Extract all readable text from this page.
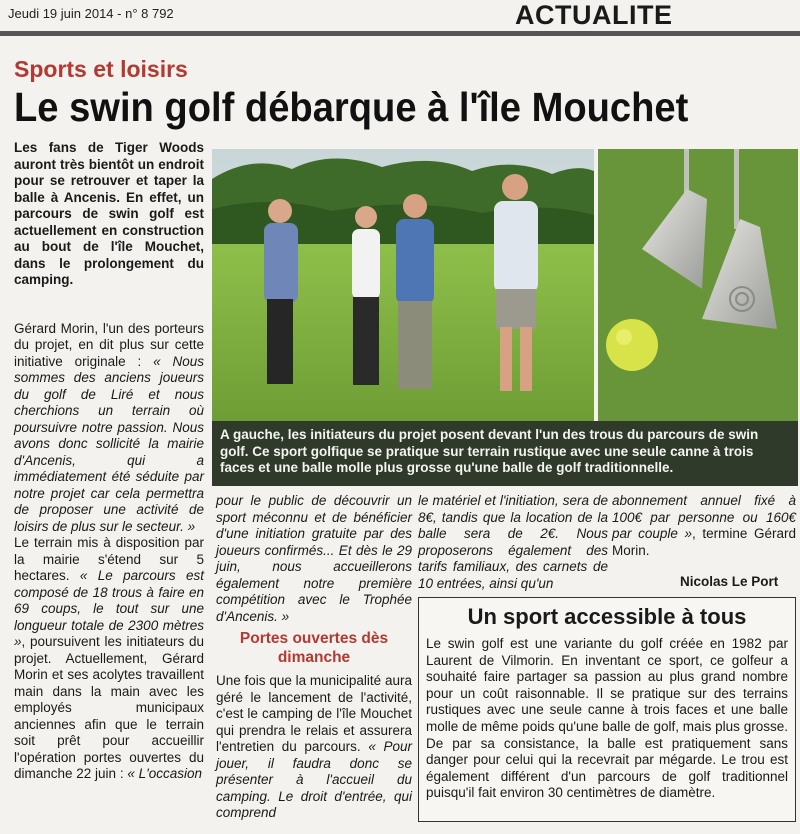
Jeudi 19 juin 2014 - n° 8 792	ACTUALITE
Sports et loisirs
Le swin golf débarque à l'île Mouchet

Les fans de Tiger Woods auront très bientôt un endroit pour se retrouver et taper la balle à Ancenis. En effet, un parcours de swin golf est actuellement en construction au bout de l'île Mouchet, dans le prolongement du camping.

Gérard Morin, l'un des porteurs du projet, en dit plus sur cette initiative originale : « Nous sommes des anciens joueurs du golf de Liré et nous cherchions un terrain où poursuivre notre passion. Nous avons donc sollicité la mairie d'Ancenis, qui a immédiatement été séduite par notre projet car cela permettra de proposer une activité de loisirs de plus sur le secteur. »

Le terrain mis à disposition par la mairie s'étend sur 5 hectares. « Le parcours est composé de 18 trous à faire en 69 coups, le tout sur une longueur totale de 2300 mètres », poursuivent les initiateurs du projet. Actuellement, Gérard Morin et ses acolytes travaillent main dans la main avec les employés municipaux anciennes afin que le terrain soit prêt pour accueillir l'opération portes ouvertes du dimanche 22 juin : « L'occasion

A gauche, les initiateurs du projet posent devant l'un des trous du parcours de swin golf. Ce sport golfique se pratique sur terrain rustique avec une seule canne à trois faces et une balle molle plus grosse qu'une balle de golf traditionnelle.

pour le public de découvrir un sport méconnu et de bénéficier d'une initiation gratuite par des joueurs confirmés... Et dès le 29 juin, nous accueillerons également notre première compétition avec le Trophée d'Ancenis. »

Portes ouvertes dès dimanche

Une fois que la municipalité aura géré le lancement de l'activité, c'est le camping de l'île Mouchet qui prendra le relais et assurera l'entretien du parcours. « Pour jouer, il faudra donc se présenter à l'accueil du camping. Le droit d'entrée, qui comprend

le matériel et l'initiation, sera de 8€, tandis que la location de la balle sera de 2€. Nous proposerons également des tarifs familiaux, des carnets de 10 entrées, ainsi qu'un

abonnement annuel fixé à 100€ par personne ou 160€ par couple », termine Gérard Morin.

Nicolas Le Port
Un sport accessible à tous
Le swin golf est une variante du golf créée en 1982 par Laurent de Vilmorin. En inventant ce sport, ce golfeur a souhaité faire partager sa passion au plus grand nombre pour un coût raisonnable. Il se pratique sur des terrains rustiques avec une seule canne à trois faces et une balle molle de même poids qu'une balle de golf, mais plus grosse. De par sa consistance, la balle est pratiquement sans danger pour celui qui la recevrait par mégarde. Le trou est également différent d'un parcours de golf traditionnel puisqu'il fait environ 30 centimètres de diamètre.
